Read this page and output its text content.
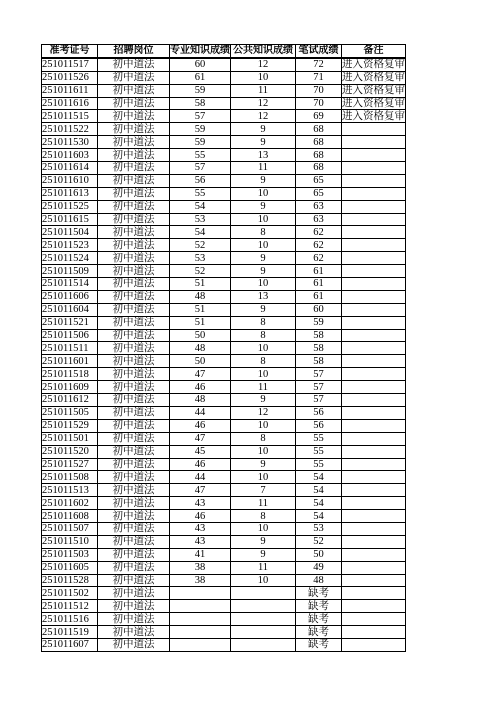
准考证号	招聘岗位	专业知识成绩	公共知识成绩	笔试成绩	备注
251011517	初中道法	60	12	72	进入资格复审
251011526	初中道法	61	10	71	进入资格复审
251011611	初中道法	59	11	70	进入资格复审
251011616	初中道法	58	12	70	进入资格复审
251011515	初中道法	57	12	69	进入资格复审
251011522	初中道法	59	9	68	
251011530	初中道法	59	9	68	
251011603	初中道法	55	13	68	
251011614	初中道法	57	11	68	
251011610	初中道法	56	9	65	
251011613	初中道法	55	10	65	
251011525	初中道法	54	9	63	
251011615	初中道法	53	10	63	
251011504	初中道法	54	8	62	
251011523	初中道法	52	10	62	
251011524	初中道法	53	9	62	
251011509	初中道法	52	9	61	
251011514	初中道法	51	10	61	
251011606	初中道法	48	13	61	
251011604	初中道法	51	9	60	
251011521	初中道法	51	8	59	
251011506	初中道法	50	8	58	
251011511	初中道法	48	10	58	
251011601	初中道法	50	8	58	
251011518	初中道法	47	10	57	
251011609	初中道法	46	11	57	
251011612	初中道法	48	9	57	
251011505	初中道法	44	12	56	
251011529	初中道法	46	10	56	
251011501	初中道法	47	8	55	
251011520	初中道法	45	10	55	
251011527	初中道法	46	9	55	
251011508	初中道法	44	10	54	
251011513	初中道法	47	7	54	
251011602	初中道法	43	11	54	
251011608	初中道法	46	8	54	
251011507	初中道法	43	10	53	
251011510	初中道法	43	9	52	
251011503	初中道法	41	9	50	
251011605	初中道法	38	11	49	
251011528	初中道法	38	10	48	
251011502	初中道法			缺考	
251011512	初中道法			缺考	
251011516	初中道法			缺考	
251011519	初中道法			缺考	
251011607	初中道法			缺考	
